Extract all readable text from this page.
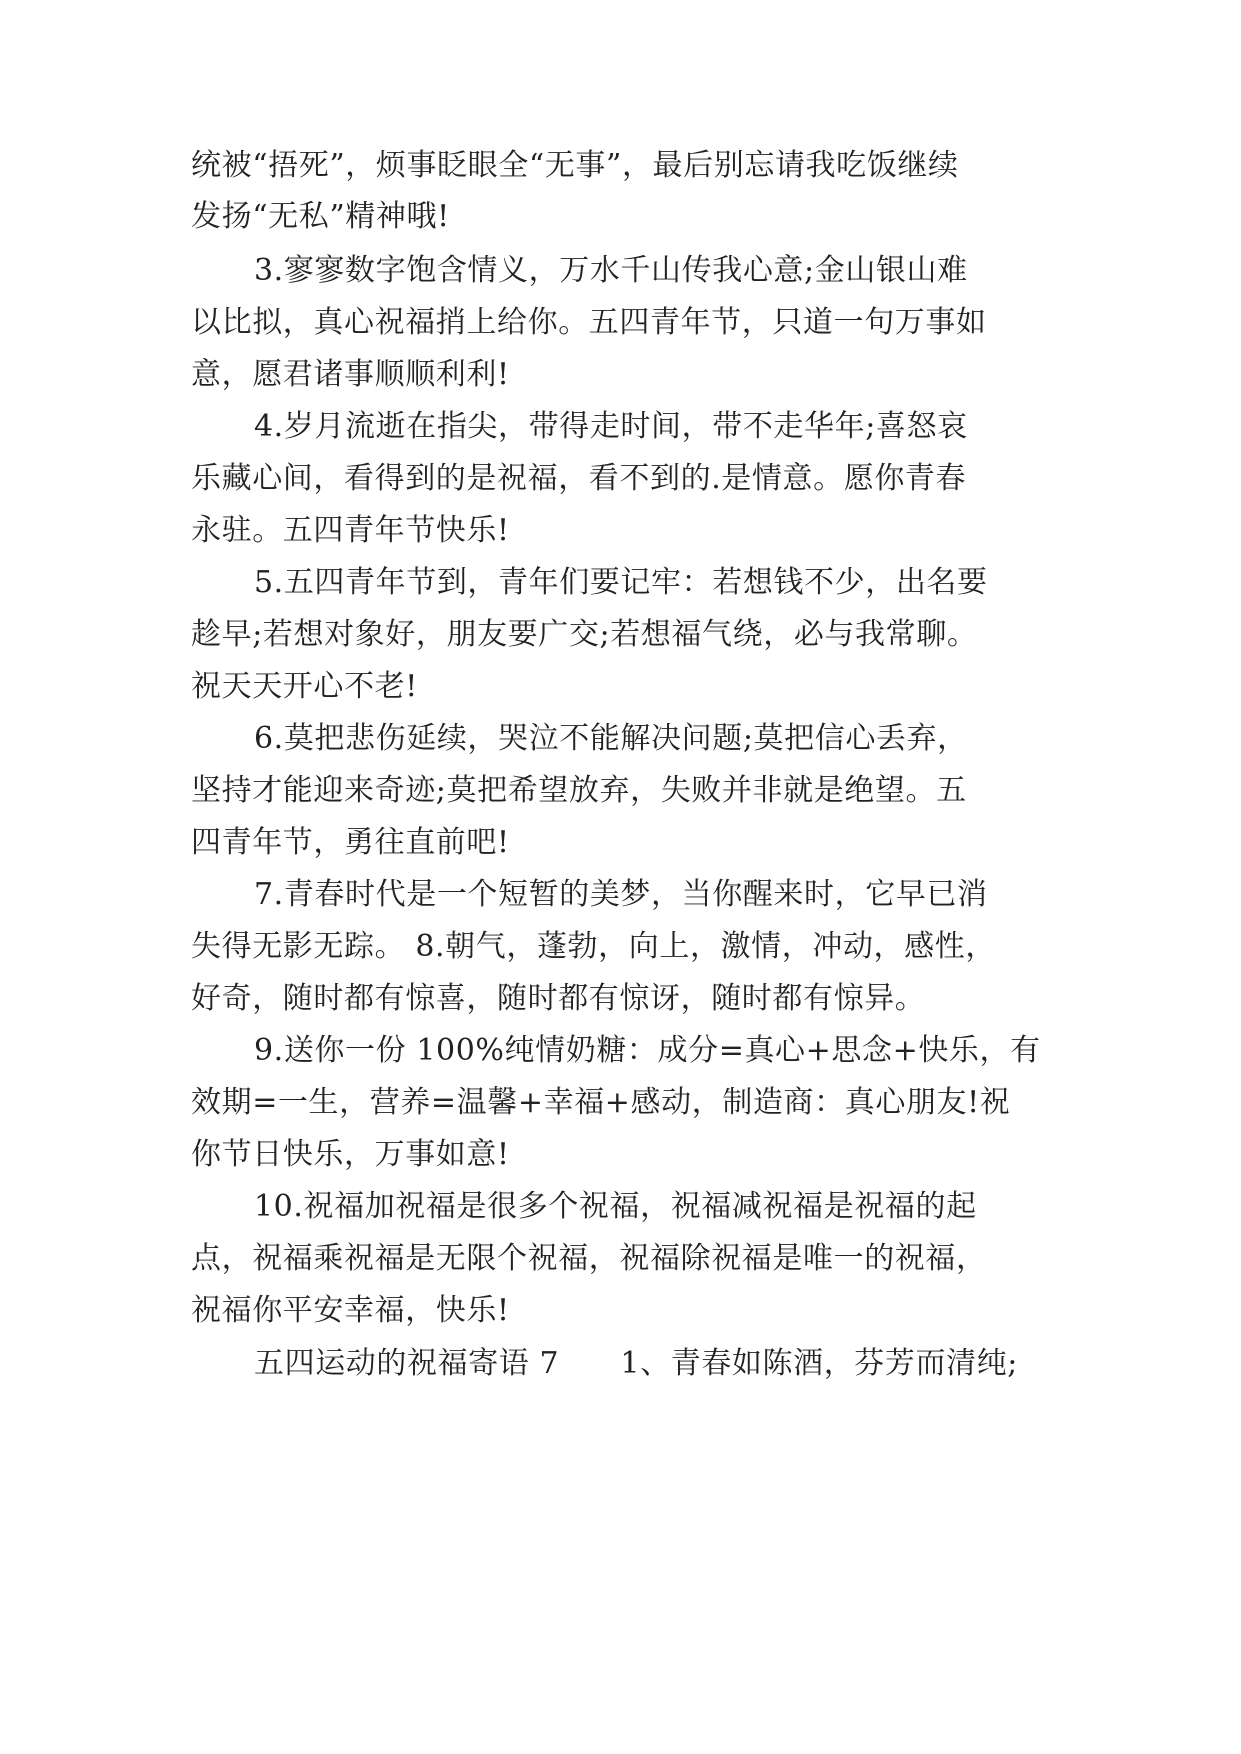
统被“捂死”，烦事眨眼全“无事”，最后别忘请我吃饭继续
发扬“无私”精神哦!
3.寥寥数字饱含情义，万水千山传我心意;金山银山难
以比拟，真心祝福捎上给你。五四青年节，只道一句万事如
意，愿君诸事顺顺利利!
4.岁月流逝在指尖，带得走时间，带不走华年;喜怒哀
乐藏心间，看得到的是祝福，看不到的.是情意。愿你青春
永驻。五四青年节快乐!
5.五四青年节到，青年们要记牢：若想钱不少，出名要
趁早;若想对象好，朋友要广交;若想福气绕，必与我常聊。
祝天天开心不老!
6.莫把悲伤延续，哭泣不能解决问题;莫把信心丢弃，
坚持才能迎来奇迹;莫把希望放弃，失败并非就是绝望。五
四青年节，勇往直前吧!
7.青春时代是一个短暂的美梦，当你醒来时，它早已消
失得无影无踪。 8.朝气，蓬勃，向上，激情，冲动，感性，
好奇，随时都有惊喜，随时都有惊讶，随时都有惊异。
9.送你一份 100%纯情奶糖：成分=真心+思念+快乐，有
效期=一生，营养=温馨+幸福+感动，制造商：真心朋友!祝
你节日快乐，万事如意!
10.祝福加祝福是很多个祝福，祝福减祝福是祝福的起
点，祝福乘祝福是无限个祝福，祝福除祝福是唯一的祝福，
祝福你平安幸福，快乐!
五四运动的祝福寄语 7　　1、青春如陈酒，芬芳而清纯;
